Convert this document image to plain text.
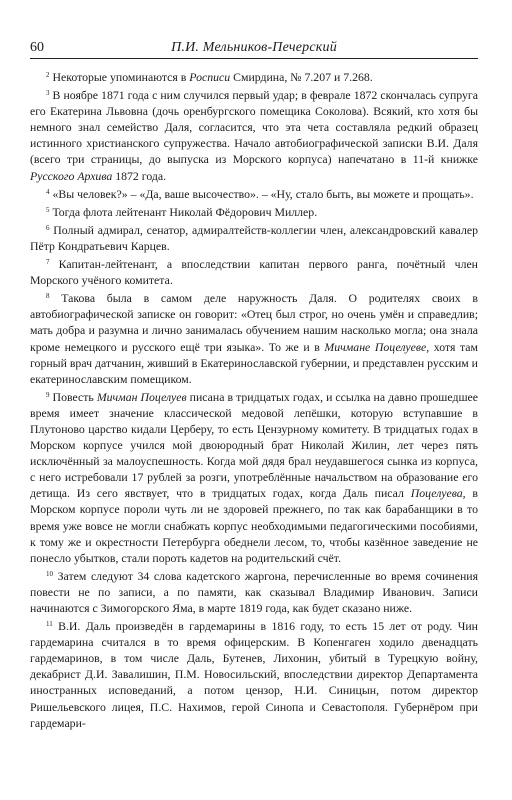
60	П.И. Мельников-Печерский

$^2$ Некоторые упоминаются в Росписи Смирдина, № 7.207 и 7.268.

$^3$ В ноябре 1871 года с ним случился первый удар; в феврале 1872 скончалась супруга его Екатерина Львовна (дочь оренбургского помещика Соколова). Всякий, кто хотя бы немного знал семейство Даля, согласится, что эта чета составляла редкий образец истинного христианского супружества. Начало автобиографической записки В.И. Даля (всего три страницы, до выпуска из Морского корпуса) напечатано в 11-й книжке Русского Архива 1872 года.

$^4$ «Вы человек?» – «Да, ваше высочество». – «Ну, стало быть, вы можете и прощать».

$^5$ Тогда флота лейтенант Николай Фёдорович Миллер.

$^6$ Полный адмирал, сенатор, адмиралтейств-коллегии член, александровский кавалер Пётр Кондратьевич Карцев.

$^7$ Капитан-лейтенант, а впоследствии капитан первого ранга, почётный член Морского учёного комитета.

$^8$ Такова была в самом деле наружность Даля. О родителях своих в автобиографической записке он говорит: «Отец был строг, но очень умён и справедлив; мать добра и разумна и лично занималась обучением нашим насколько могла; она знала кроме немецкого и русского ещё три языка». То же и в Мичмане Поцелуеве, хотя там горный врач датчанин, живший в Екатеринославской губернии, и представлен русским и екатеринославским помещиком.

$^9$ Повесть Мичман Поцелуев писана в тридцатых годах, и ссылка на давно прошедшее время имеет значение классической медовой лепёшки, которую вступавшие в Плутоново царство кидали Церберу, то есть Цензурному комитету. В тридцатых годах в Морском корпусе учился мой двоюродный брат Николай Жилин, лет через пять исключённый за малоуспешность. Когда мой дядя брал неудавшегося сынка из корпуса, с него истребовали 17 рублей за розги, употреблённые начальством на образование его детища. Из сего явствует, что в тридцатых годах, когда Даль писал Поцелуева, в Морском корпусе пороли чуть ли не здоровей прежнего, по так как барабанщики в то время уже вовсе не могли снабжать корпус необходимыми педагогическими пособиями, к тому же и окрестности Петербурга обеднели лесом, то, чтобы казённое заведение не понесло убытков, стали пороть кадетов на родительский счёт.

$^{10}$ Затем следуют 34 слова кадетского жаргона, перечисленные во время сочинения повести не по записи, а по памяти, как сказывал Владимир Иванович. Записи начинаются с Зимогорского Яма, в марте 1819 года, как будет сказано ниже.

$^{11}$ В.И. Даль произведён в гардемарины в 1816 году, то есть 15 лет от роду. Чин гардемарина считался в то время офицерским. В Копенгаген ходило двенадцать гардемаринов, в том числе Даль, Бутенев, Лихонин, убитый в Турецкую войну, декабрист Д.И. Завалишин, П.М. Новосильский, впоследствии директор Департамента иностранных исповеданий, а потом цензор, Н.И. Синицын, потом директор Ришельевского лицея, П.С. Нахимов, герой Синопа и Севастополя. Губернёром при гардемари-
